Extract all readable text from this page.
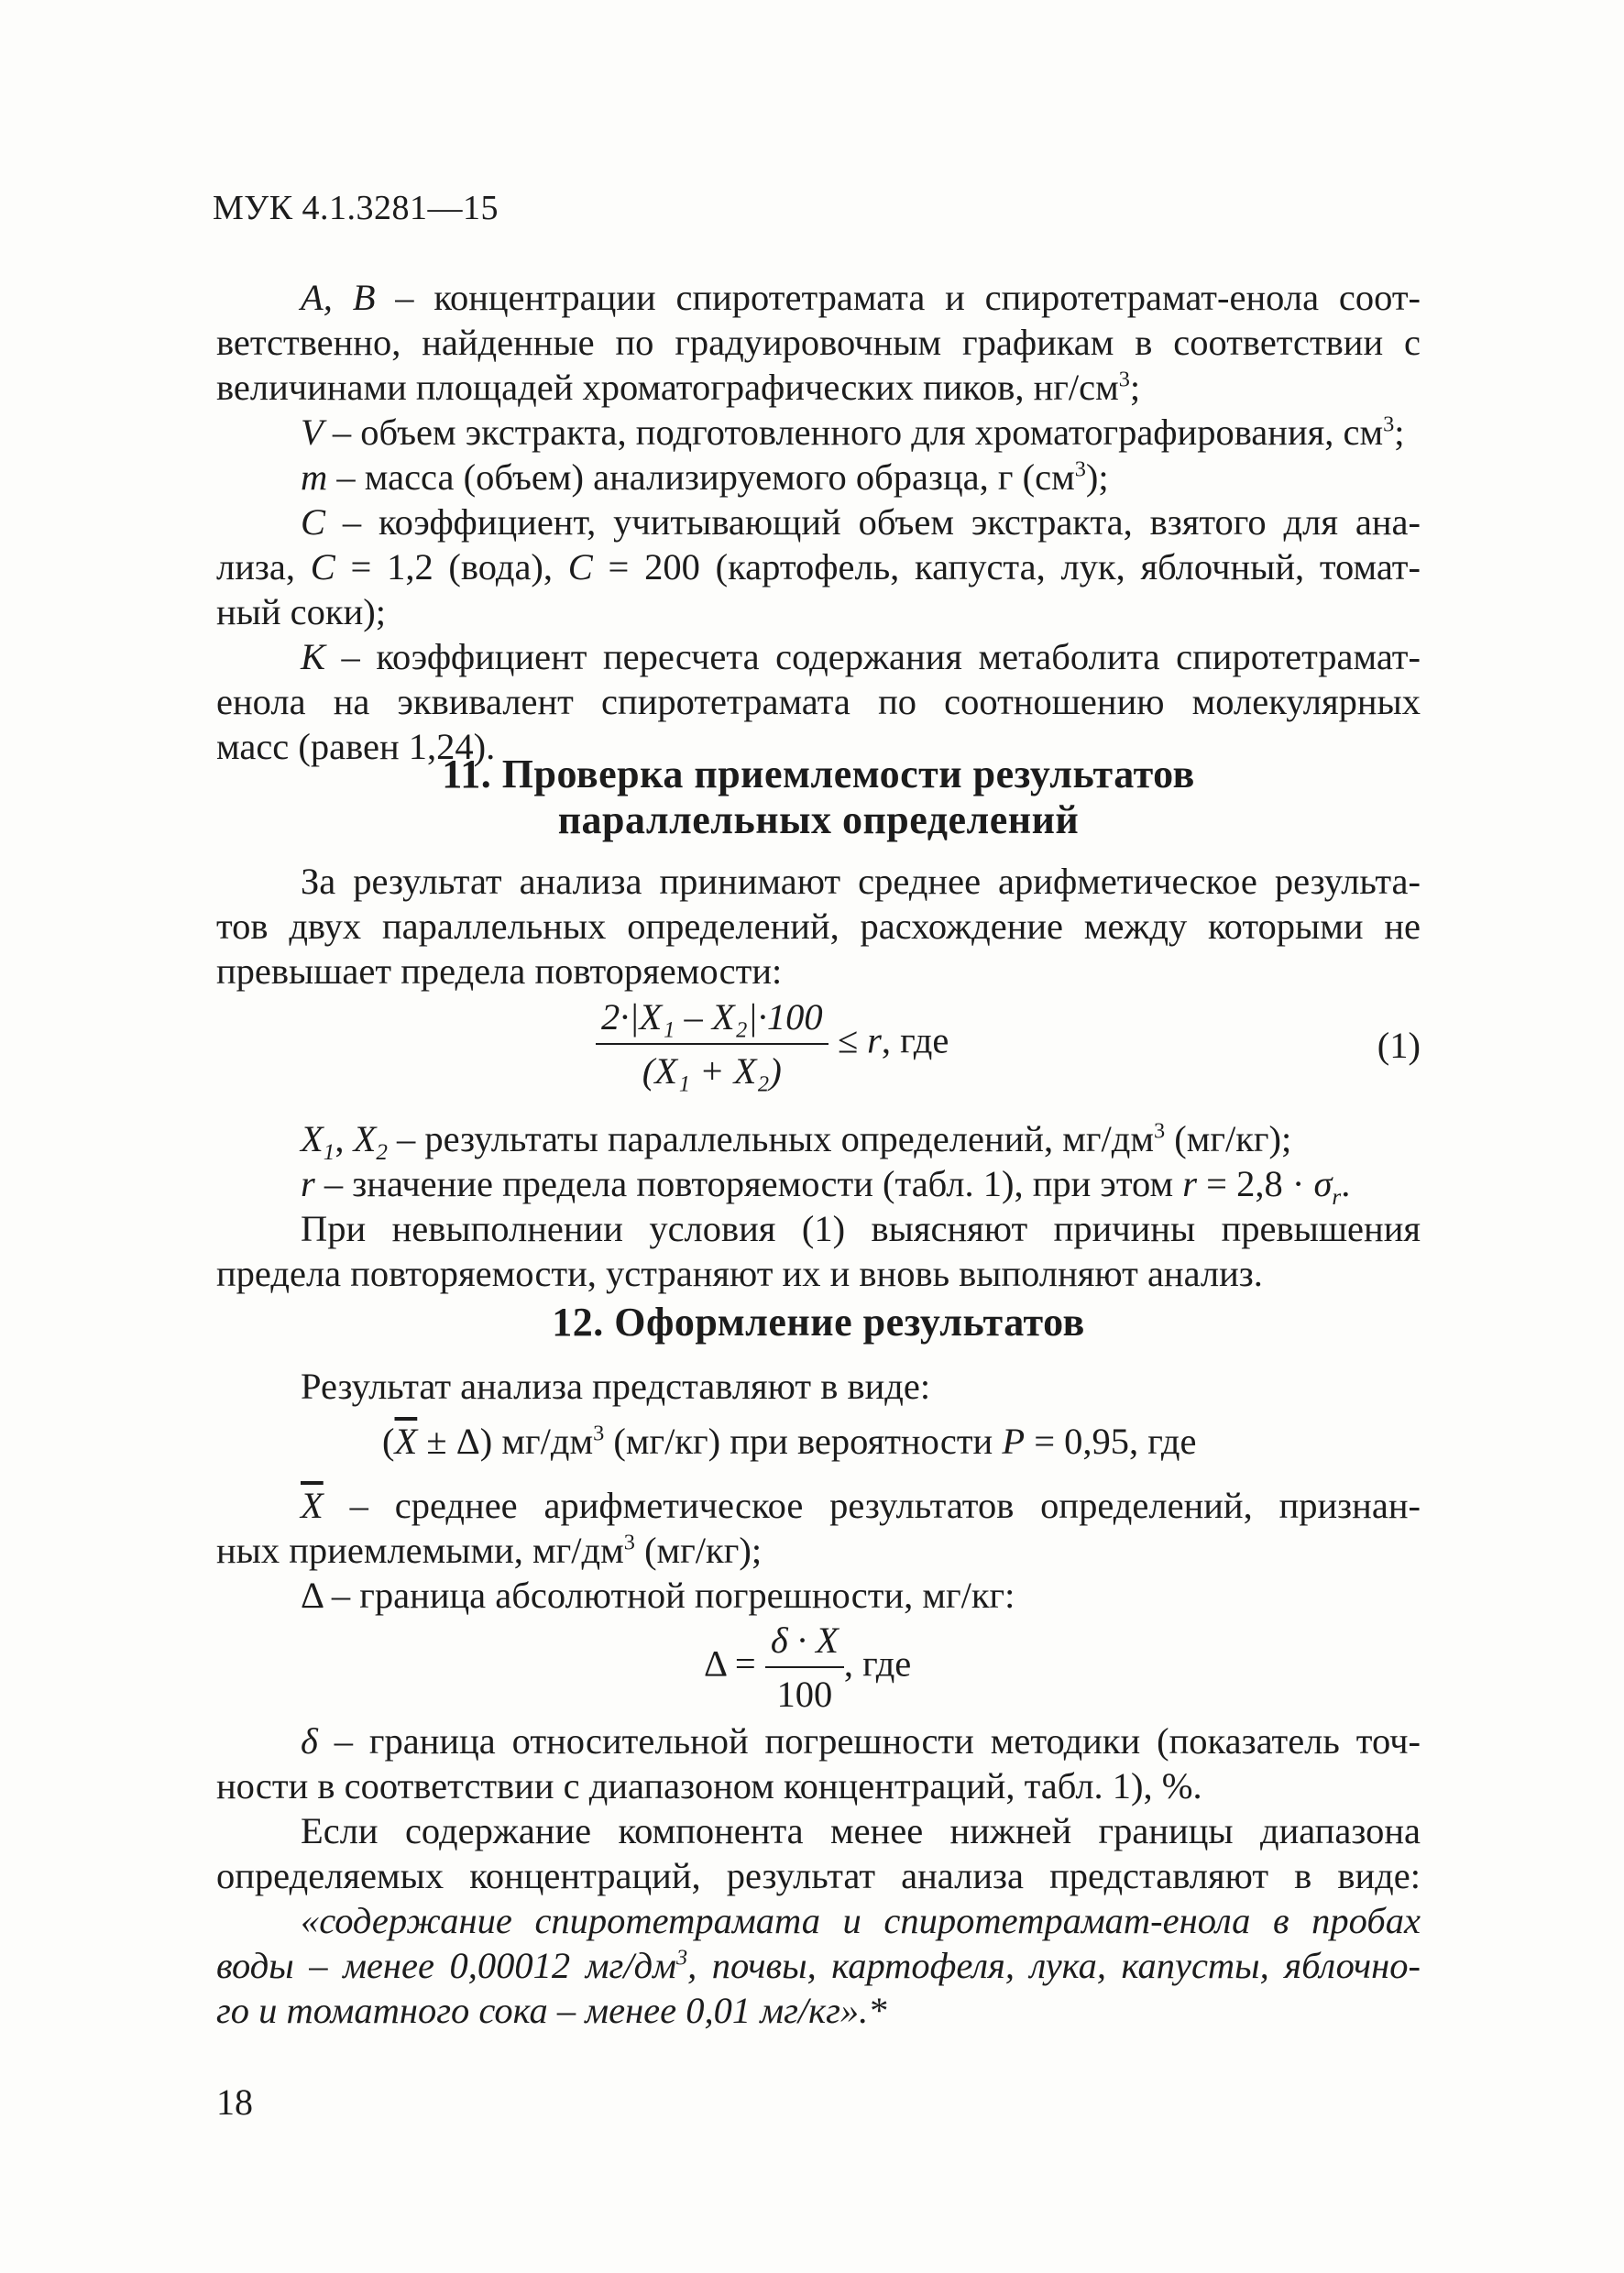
МУК 4.1.3281—15
A, B – концентрации спиротетрамата и спиротетрамат-енола соот-
ветственно, найденные по градуировочным графикам в соответствии с
величинами площадей хроматографических пиков, $нг/см^3$;
V – объем экстракта, подготовленного для хроматографирования, $см^3$;
m – масса (объем) анализируемого образца, г $(см^3)$;
C – коэффициент, учитывающий объем экстракта, взятого для ана-
лиза, C = 1,2 (вода), C = 200 (картофель, капуста, лук, яблочный, томат-
ный соки);
K – коэффициент пересчета содержания метаболита спиротетрамат-
енола на эквивалент спиротетрамата по соотношению молекулярных
масс (равен 1,24).
11. Проверка приемлемости результатов
параллельных определений
За результат анализа принимают среднее арифметическое результа-
тов двух параллельных определений, расхождение между которыми не
превышает предела повторяемости:
$\frac{\text{2·|X₁ – X₂|·100}}{\text{(X₁ + X₂)}} \le r$, где	(1)
$X_1$, $X_2$ – результаты параллельных определений, $мг/дм^3$ (мг/кг);
r – значение предела повторяемости (табл. 1), при этом $r = 2,8 \cdot \sigma_r$.
При невыполнении условия (1) выясняют причины превышения
предела повторяемости, устраняют их и вновь выполняют анализ.
12. Оформление результатов
Результат анализа представляют в виде:
$(\overline{X} \pm \Delta)$ $мг/дм^3$ (мг/кг) при вероятности P = 0,95, где
$\overline{X}$ – среднее арифметическое результатов определений, признан-
ных приемлемыми, $мг/дм^3$ (мг/кг);
Δ – граница абсолютной погрешности, мг/кг:
$\Delta = \frac{\delta \cdot X}{100}$ , где
δ – граница относительной погрешности методики (показатель точ-
ности в соответствии с диапазоном концентраций, табл. 1), %.
Если содержание компонента менее нижней границы диапазона
определяемых концентраций, результат анализа представляют в виде:
«содержание спиротетрамата и спиротетрамат-енола в пробах
воды – менее 0,00012 $мг/дм^3$, почвы, картофеля, лука, капусты, яблочно-
го и томатного сока – менее 0,01 мг/кг».*
18
